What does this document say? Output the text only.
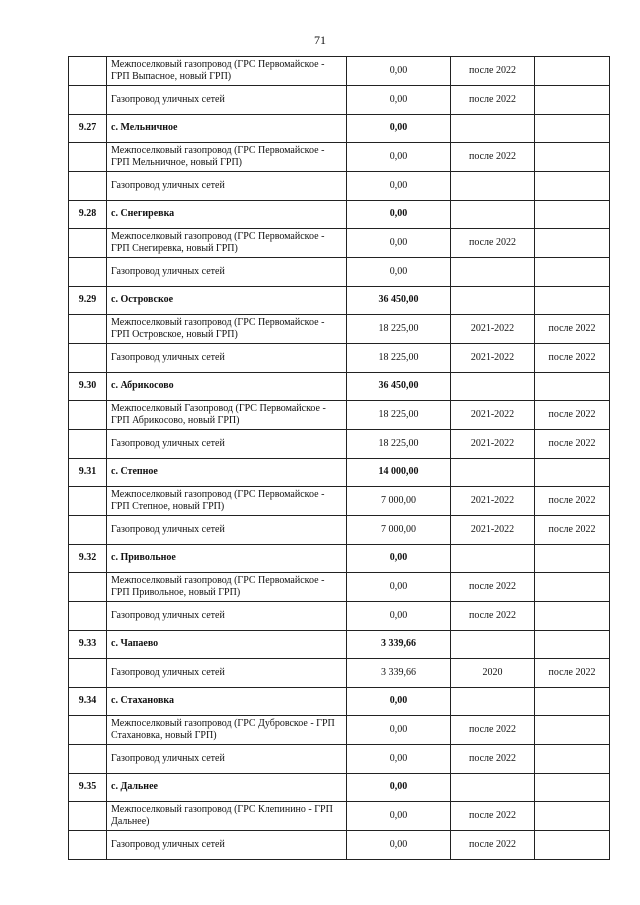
71
	Межпоселковый газопровод (ГРС Первомайское - ГРП Выпасное, новый ГРП)	0,00	после 2022	
	Газопровод уличных сетей	0,00	после 2022	
9.27	с. Мельничное	0,00		
	Межпоселковый газопровод (ГРС Первомайское - ГРП Мельничное, новый ГРП)	0,00	после 2022	
	Газопровод уличных сетей	0,00		
9.28	с. Снегиревка	0,00		
	Межпоселковый газопровод (ГРС Первомайское - ГРП Снегиревка, новый ГРП)	0,00	после 2022	
	Газопровод уличных сетей	0,00		
9.29	с. Островское	36 450,00		
	Межпоселковый газопровод (ГРС Первомайское - ГРП Островское, новый ГРП)	18 225,00	2021-2022	после 2022
	Газопровод уличных сетей	18 225,00	2021-2022	после 2022
9.30	с. Абрикосово	36 450,00		
	Межпоселковый Газопровод (ГРС Первомайское - ГРП Абрикосово, новый ГРП)	18 225,00	2021-2022	после 2022
	Газопровод уличных сетей	18 225,00	2021-2022	после 2022
9.31	с. Степное	14 000,00		
	Межпоселковый газопровод (ГРС Первомайское - ГРП Степное, новый ГРП)	7 000,00	2021-2022	после 2022
	Газопровод уличных сетей	7 000,00	2021-2022	после 2022
9.32	с. Привольное	0,00		
	Межпоселковый газопровод (ГРС Первомайское - ГРП Привольное, новый ГРП)	0,00	после 2022	
	Газопровод уличных сетей	0,00	после 2022	
9.33	с. Чапаево	3 339,66		
	Газопровод уличных сетей	3 339,66	2020	после 2022
9.34	с. Стахановка	0,00		
	Межпоселковый газопровод (ГРС Дубровское - ГРП Стахановка, новый ГРП)	0,00	после 2022	
	Газопровод уличных сетей	0,00	после 2022	
9.35	с. Дальнее	0,00		
	Межпоселковый газопровод (ГРС Клепинино - ГРП Дальнее)	0,00	после 2022	
	Газопровод уличных сетей	0,00	после 2022	
